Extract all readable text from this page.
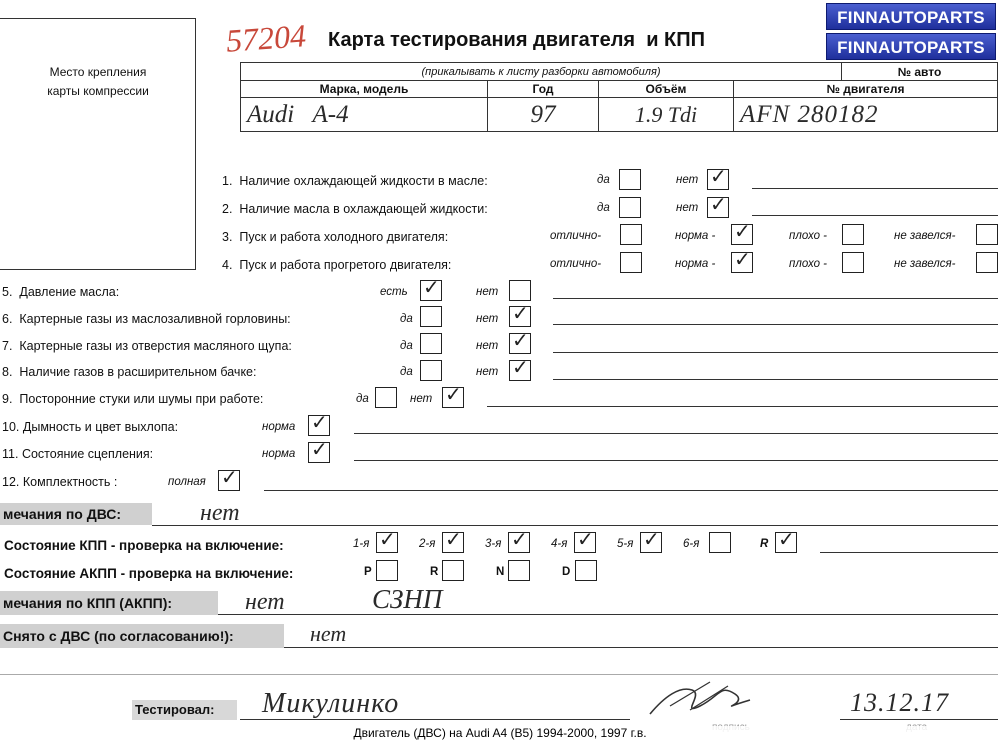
Место крепления
карты компрессии
57204 Карта тестирования двигателя  и КПП
FINNAUTOPARTS
FINNAUTOPARTS
(прикалывать к листу разборки автомобиля)				№ авто
Марка, модель	Год	Объём	№ двигателя	
Audi   A-4	97	1.9 Tdi	AFN 280182	
1. Наличие охлаждающей жидкости в масле:	да	нет ✓
2. Наличие масла в охлаждающей жидкости:	да	нет ✓
3. Пуск и работа холодного двигателя:	отлично-	норма - ✓	плохо -	не завелся-
4. Пуск и работа прогретого двигателя:	отлично-	норма - ✓	плохо -	не завелся-
5. Давление масла:	есть ✓	нет
6. Картерные газы из маслозаливной горловины:	да	нет ✓
7. Картерные газы из отверстия масляного щупа:	да	нет ✓
8. Наличие газов в расширительном бачке:	да	нет ✓
9. Посторонние стуки или шумы при работе:	да	нет ✓
10. Дымность и цвет выхлопа:	норма ✓
11. Состояние сцепления:	норма ✓
12. Комплектность :	полная ✓
мечания по ДВС:	нет
Состояние КПП - проверка на включение:	1-я ✓ 2-я ✓ 3-я ✓ 4-я ✓ 5-я ✓ 6-я	R ✓
Состояние АКПП - проверка на включение:	P	R	N	D
мечания по КПП (АКПП):	нет	СЗНП
Снято с ДВС (по согласованию!):	нет
Тестировал:	Микулинко	13.12.17
Двигатель (ДВС) на Audi A4 (B5) 1994-2000, 1997 г.в.
